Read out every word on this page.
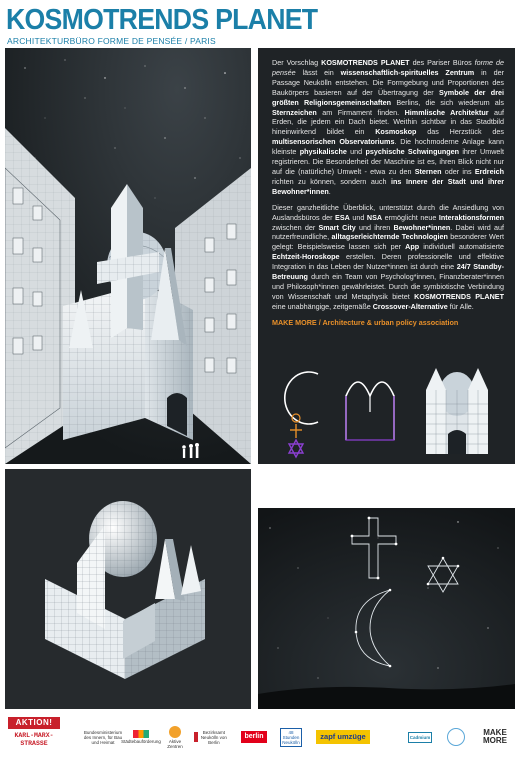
KOSMOTRENDS PLANET
ARCHITEKTURBÜRO FORME DE PENSÉE / PARIS

Der Vorschlag KOSMOTRENDS PLANET des Pariser Büros forme de pensée lässt ein wissenschaftlich-spirituelles Zentrum in der Passage Neukölln entstehen. Die Formgebung und Proportionen des Baukörpers basieren auf der Übertragung der Symbole der drei größten Religionsgemeinschaften Berlins, die sich wiederum als Sternzeichen am Firmament finden. Himmlische Architektur auf Erden, die jedem ein Dach bietet. Weithin sichtbar in das Stadtbild hineinwirkend bildet ein Kosmoskop das Herzstück des multisensorischen Observatoriums. Die hochmoderne Anlage kann kleinste physikalische und psychische Schwingungen ihrer Umwelt registrieren. Die Besonderheit der Maschine ist es, ihren Blick nicht nur auf die (natürliche) Umwelt - etwa zu den Sternen oder ins Erdreich richten zu können, sondern auch ins Innere der Stadt und ihrer Bewohner*innen.

Dieser ganzheitliche Überblick, unterstützt durch die Ansiedlung von Auslandsbüros der ESA und NSA ermöglicht neue Interaktionsformen zwischen der Smart City und ihren Bewohner*innen. Dabei wird auf nutzerfreundliche, alltagserleichternde Technologien besonderer Wert gelegt: Beispielsweise lassen sich per App individuell automatisierte Echtzeit-Horoskope erstellen. Deren professionelle und effektive Integration in das Leben der Nutzer*innen ist durch eine 24/7 Standby-Betreuung durch ein Team von Psycholog*innen, Finanzberater*innen und Philosoph*innen gewährleistet. Durch die symbiotische Verbindung von Wissenschaft und Metaphysik bietet KOSMOTRENDS PLANET eine unabhängige, zeitgemäße Crossover-Alternative für Alle.

MAKE MORE / Architecture & urban policy association

AKTION!
KARL-MARX-
STRASSE
Bundesministerium des Innern, für Bau und Heimat	Städtebauförderung	Aktive Zentren
Bezirksamt Neukölln von Berlin
berlin
48 Stunden Neukölln
zapf umzüge	Cadmium	MAKE MORE
